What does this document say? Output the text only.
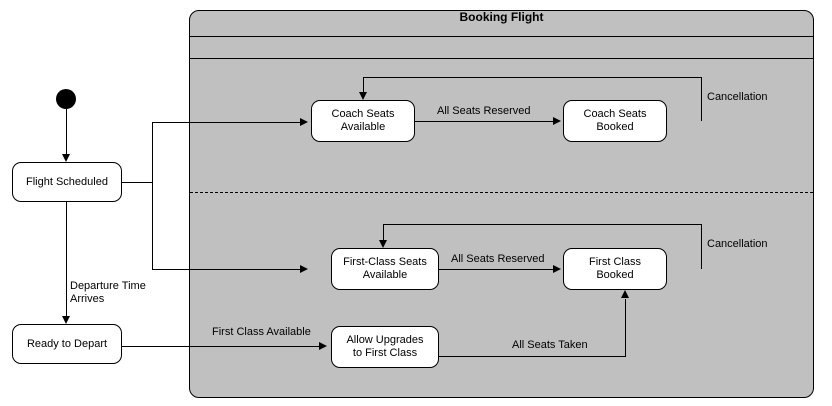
Booking Flight
Flight Scheduled
Departure Time
Arrives
Ready to Depart
Coach Seats
Available
Coach Seats
Booked
All Seats Reserved
Cancellation
First-Class Seats
Available
First Class
Booked
All Seats Reserved
Cancellation
Allow Upgrades
to First Class
First Class Available
All Seats Taken
